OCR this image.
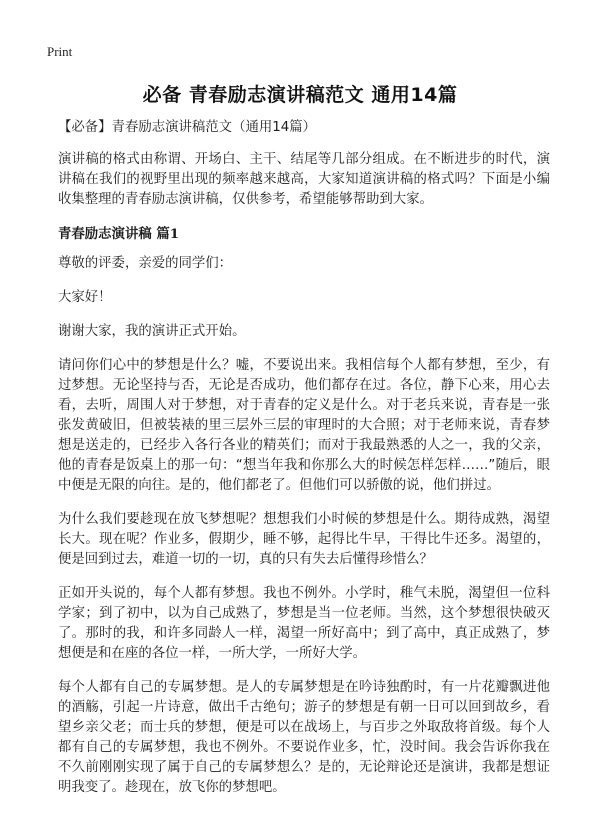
Print
必备 青春励志演讲稿范文 通用14篇

【必备】青春励志演讲稿范文（通用14篇）

演讲稿的格式由称谓、开场白、主干、结尾等几部分组成。在不断进步的时代，演讲稿在我们的视野里出现的频率越来越高，大家知道演讲稿的格式吗？下面是小编收集整理的青春励志演讲稿，仅供参考，希望能够帮助到大家。

青春励志演讲稿 篇1

尊敬的评委，亲爱的同学们：

大家好！

谢谢大家，我的演讲正式开始。

请问你们心中的梦想是什么？嘘，不要说出来。我相信每个人都有梦想，至少，有过梦想。无论坚持与否，无论是否成功，他们都存在过。各位，静下心来，用心去看，去听，周围人对于梦想，对于青春的定义是什么。对于老兵来说，青春是一张张发黄破旧，但被装裱的里三层外三层的审理时的大合照；对于老师来说，青春梦想是送走的，已经步入各行各业的精英们；而对于我最熟悉的人之一，我的父亲，他的青春是饭桌上的那一句：“想当年我和你那么大的时候怎样怎样……”随后，眼中便是无限的向往。是的，他们都老了。但他们可以骄傲的说，他们拼过。

为什么我们要趁现在放飞梦想呢？想想我们小时候的梦想是什么。期待成熟，渴望长大。现在呢？作业多，假期少，睡不够，起得比牛早，干得比牛还多。渴望的，便是回到过去，难道一切的一切，真的只有失去后懂得珍惜么？

正如开头说的，每个人都有梦想。我也不例外。小学时，稚气未脱，渴望但一位科学家；到了初中，以为自己成熟了，梦想是当一位老师。当然，这个梦想很快破灭了。那时的我，和许多同龄人一样，渴望一所好高中；到了高中，真正成熟了，梦想便是和在座的各位一样，一所大学，一所好大学。

每个人都有自己的专属梦想。是人的专属梦想是在吟诗独酌时，有一片花瓣飘进他的酒觞，引起一片诗意，做出千古绝句；游子的梦想是有朝一日可以回到故乡，看望乡亲父老；而士兵的梦想，便是可以在战场上，与百步之外取敌将首级。每个人都有自己的专属梦想，我也不例外。不要说作业多，忙，没时间。我会告诉你我在不久前刚刚实现了属于自己的专属梦想么？是的，无论辩论还是演讲，我都是想证明我变了。趁现在，放飞你的梦想吧。
